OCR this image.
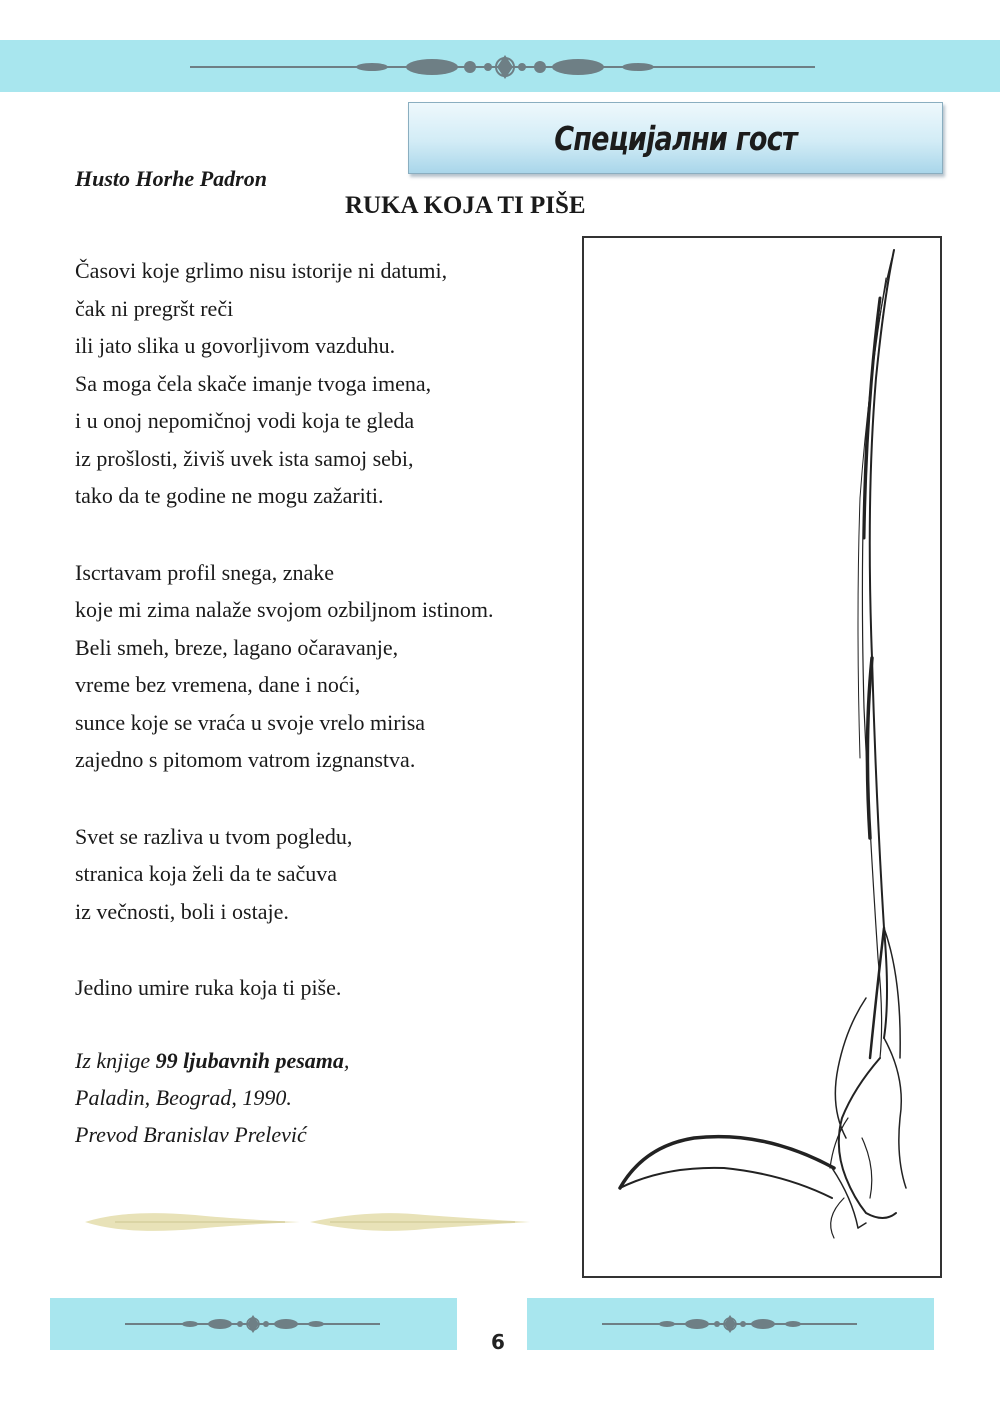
Специјални гост
Husto Horhe Padron
RUKA KOJA TI PIŠE
Časovi koje grlimo nisu istorije ni datumi,
čak ni pregršt reči
ili jato slika u govorljivom vazduhu.
Sa moga čela skače imanje tvoga imena,
i u onoj nepomičnoj vodi koja te gleda
iz prošlosti, živiš uvek ista samoj sebi,
tako da te godine ne mogu zažariti.
Iscrtavam profil snega, znake
koje mi zima nalaže svojom ozbiljnom istinom.
Beli smeh, breze, lagano očaravanje,
vreme bez vremena, dane i noći,
sunce koje se vraća u svoje vrelo mirisa
zajedno s pitomom vatrom izgnanstva.
Svet se razliva u tvom pogledu,
stranica koja želi da te sačuva
iz večnosti, boli i ostaje.
Jedino umire ruka koja ti piše.
Iz knjige 99 ljubavnih pesama,
Paladin, Beograd, 1990.
Prevod Branislav Prelević
6
